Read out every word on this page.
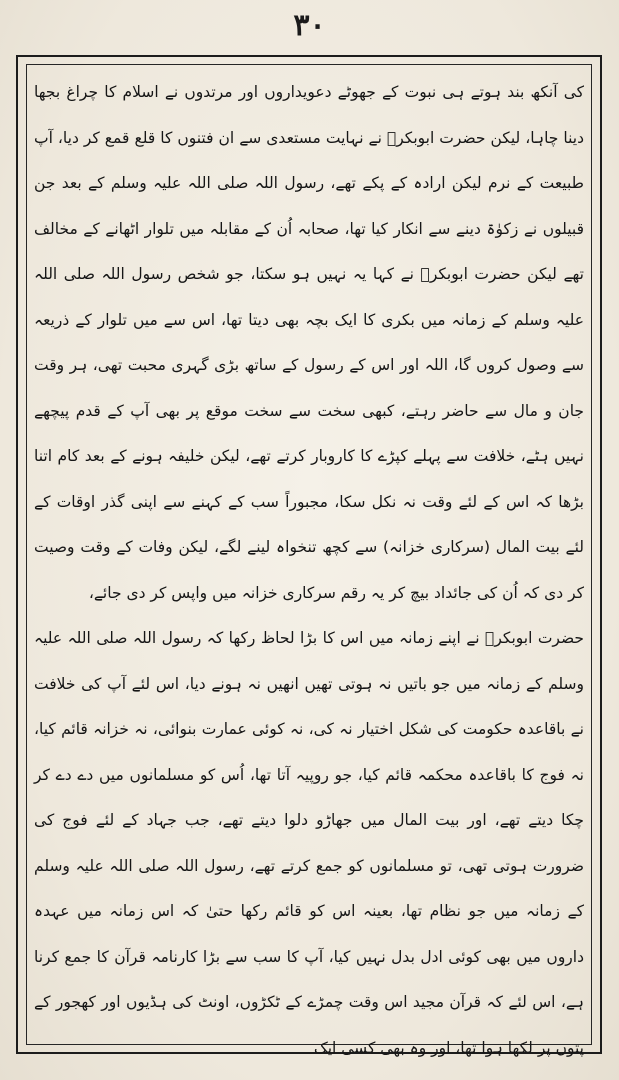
۳۰

کی آنکھ بند ہوتے ہی نبوت کے جھوٹے دعویداروں اور مرتدوں نے اسلام کا چراغ بجھا دینا چاہا، لیکن حضرت ابوبکرؓ نے نہایت مستعدی سے ان فتنوں کا قلع قمع کر دیا، آپ طبیعت کے نرم لیکن ارادہ کے پکے تھے، رسول اللہ صلی اللہ علیہ وسلم کے بعد جن قبیلوں نے زکوٰۃ دینے سے انکار کیا تھا، صحابہ اُن کے مقابلہ میں تلوار اٹھانے کے مخالف تھے لیکن حضرت ابوبکرؓ نے کہا یہ نہیں ہو سکتا، جو شخص رسول اللہ صلی اللہ علیہ وسلم کے زمانہ میں بکری کا ایک بچہ بھی دیتا تھا، اس سے میں تلوار کے ذریعہ سے وصول کروں گا، اللہ اور اس کے رسول کے ساتھ بڑی گہری محبت تھی، ہر وقت جان و مال سے حاضر رہتے، کبھی سخت سے سخت موقع پر بھی آپ کے قدم پیچھے نہیں ہٹے، خلافت سے پہلے کپڑے کا کاروبار کرتے تھے، لیکن خلیفہ ہونے کے بعد کام اتنا بڑھا کہ اس کے لئے وقت نہ نکل سکا، مجبوراً سب کے کہنے سے اپنی گذر اوقات کے لئے بیت المال (سرکاری خزانہ) سے کچھ تنخواہ لینے لگے، لیکن وفات کے وقت وصیت کر دی کہ اُن کی جائداد بیچ کر یہ رقم سرکاری خزانہ میں واپس کر دی جائے،

حضرت ابوبکرؓ نے اپنے زمانہ میں اس کا بڑا لحاظ رکھا کہ رسول اللہ صلی اللہ علیہ وسلم کے زمانہ میں جو باتیں نہ ہوتی تھیں انھیں نہ ہونے دیا، اس لئے آپ کی خلافت نے باقاعدہ حکومت کی شکل اختیار نہ کی، نہ کوئی عمارت بنوائی، نہ خزانہ قائم کیا، نہ فوج کا باقاعدہ محکمہ قائم کیا، جو روپیہ آتا تھا، اُس کو مسلمانوں میں دے دے کر چکا دیتے تھے، اور بیت المال میں جھاڑو دلوا دیتے تھے، جب جہاد کے لئے فوج کی ضرورت ہوتی تھی، تو مسلمانوں کو جمع کرتے تھے، رسول اللہ صلی اللہ علیہ وسلم کے زمانہ میں جو نظام تھا، بعینہ اس کو قائم رکھا حتیٰ کہ اس زمانہ میں عہدہ داروں میں بھی کوئی ادل بدل نہیں کیا، آپ کا سب سے بڑا کارنامہ قرآن کا جمع کرنا ہے، اس لئے کہ قرآن مجید اس وقت چمڑے کے ٹکڑوں، اونٹ کی ہڈیوں اور کھجور کے پتوں پر لکھا ہوا تھا، اور وہ بھی کسی ایک
